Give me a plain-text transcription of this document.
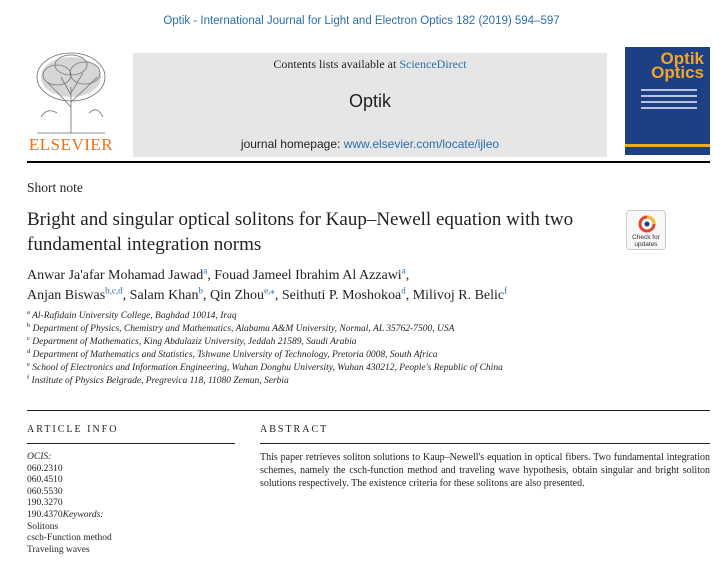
Optik - International Journal for Light and Electron Optics 182 (2019) 594–597
ELSEVIER
Contents lists available at ScienceDirect
Optik
journal homepage: www.elsevier.com/locate/ijleo
Optik
Optics
Short note
Bright and singular optical solitons for Kaup–Newell equation with two fundamental integration norms	Check for
updates
Anwar Ja'afar Mohamad Jawad$^a$, Fouad Jameel Ibrahim Al Azzawi$^a$,
Anjan Biswas$^{b,c,d}$, Salam Khan$^b$, Qin Zhou$^{e,⁎}$, Seithuti P. Moshokoa$^d$, Milivoj R. Belic$^f$
$^a$ Al-Rafidain University College, Baghdad 10014, Iraq
$^b$ Department of Physics, Chemistry and Mathematics, Alabama A&M University, Normal, AL 35762-7500, USA
$^c$ Department of Mathematics, King Abdulaziz University, Jeddah 21589, Saudi Arabia
$^d$ Department of Mathematics and Statistics, Tshwane University of Technology, Pretoria 0008, South Africa
$^e$ School of Electronics and Information Engineering, Wuhan Donghu University, Wuhan 430212, People's Republic of China
$^f$ Institute of Physics Belgrade, Pregrevica 118, 11080 Zemun, Serbia
ARTICLE INFO	ABSTRACT
OCIS:
060.2310
060.4510
060.5530
190.3270
190.4370Keywords:
Solitons
csch-Function method
Traveling waves
This paper retrieves soliton solutions to Kaup–Newell's equation in optical fibers. Two fundamental integration schemes, namely the csch-function method and traveling wave hypothesis, obtain singular and bright soliton solutions respectively. The existence criteria for these solitons are also presented.
